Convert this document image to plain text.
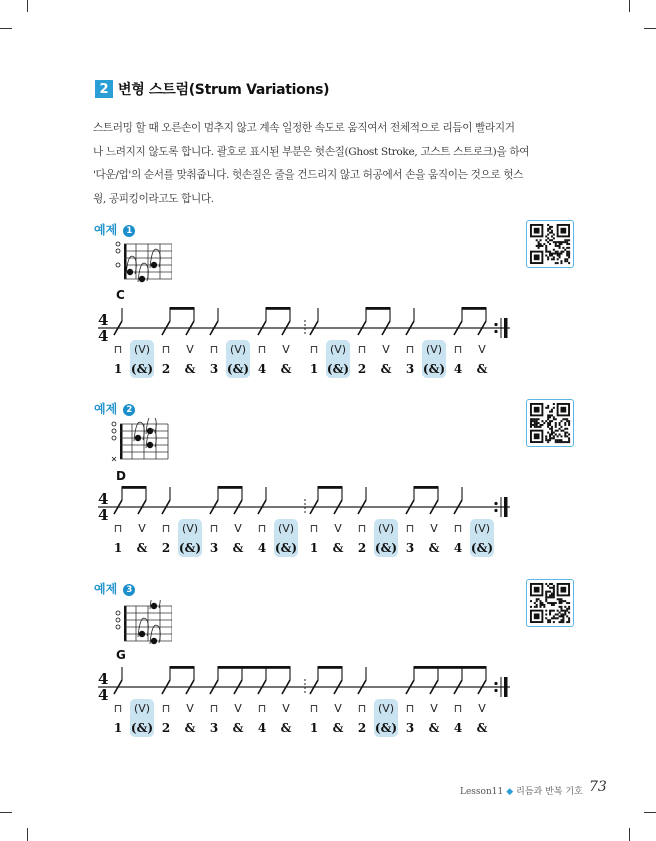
2 변형 스트럼(Strum Variations)
스트러밍 할 때 오른손이 멈추지 않고 계속 일정한 속도로 움직여서 전체적으로 리듬이 빨라지거
나 느려지지 않도록 합니다. 괄호로 표시된 부분은 헛손질(Ghost Stroke, 고스트 스트로크)을 하여
'다운/업'의 순서를 맞춰줍니다. 헛손질은 줄을 건드리지 않고 허공에서 손을 움직이는 것으로 헛스
윙, 공피킹이라고도 합니다.
예제 1
C
4
4
⊓ (V) ⊓ V ⊓ (V) ⊓ V ⊓ (V) ⊓ V ⊓ (V) ⊓ V
1 (&) 2 & 3 (&) 4 & 1 (&) 2 & 3 (&) 4 &
예제 2
D
4
4
⊓ V ⊓ (V) ⊓ V ⊓ (V) ⊓ V ⊓ (V) ⊓ V ⊓ (V)
1 & 2 (&) 3 & 4 (&) 1 & 2 (&) 3 & 4 (&)
예제 3
G
4
4
⊓ (V) ⊓ V ⊓ V ⊓ V ⊓ V ⊓ (V) ⊓ V ⊓ V
1 (&) 2 & 3 & 4 & 1 & 2 (&) 3 & 4 &
Lesson11 ◆ 리듬과 반복 기호 73
